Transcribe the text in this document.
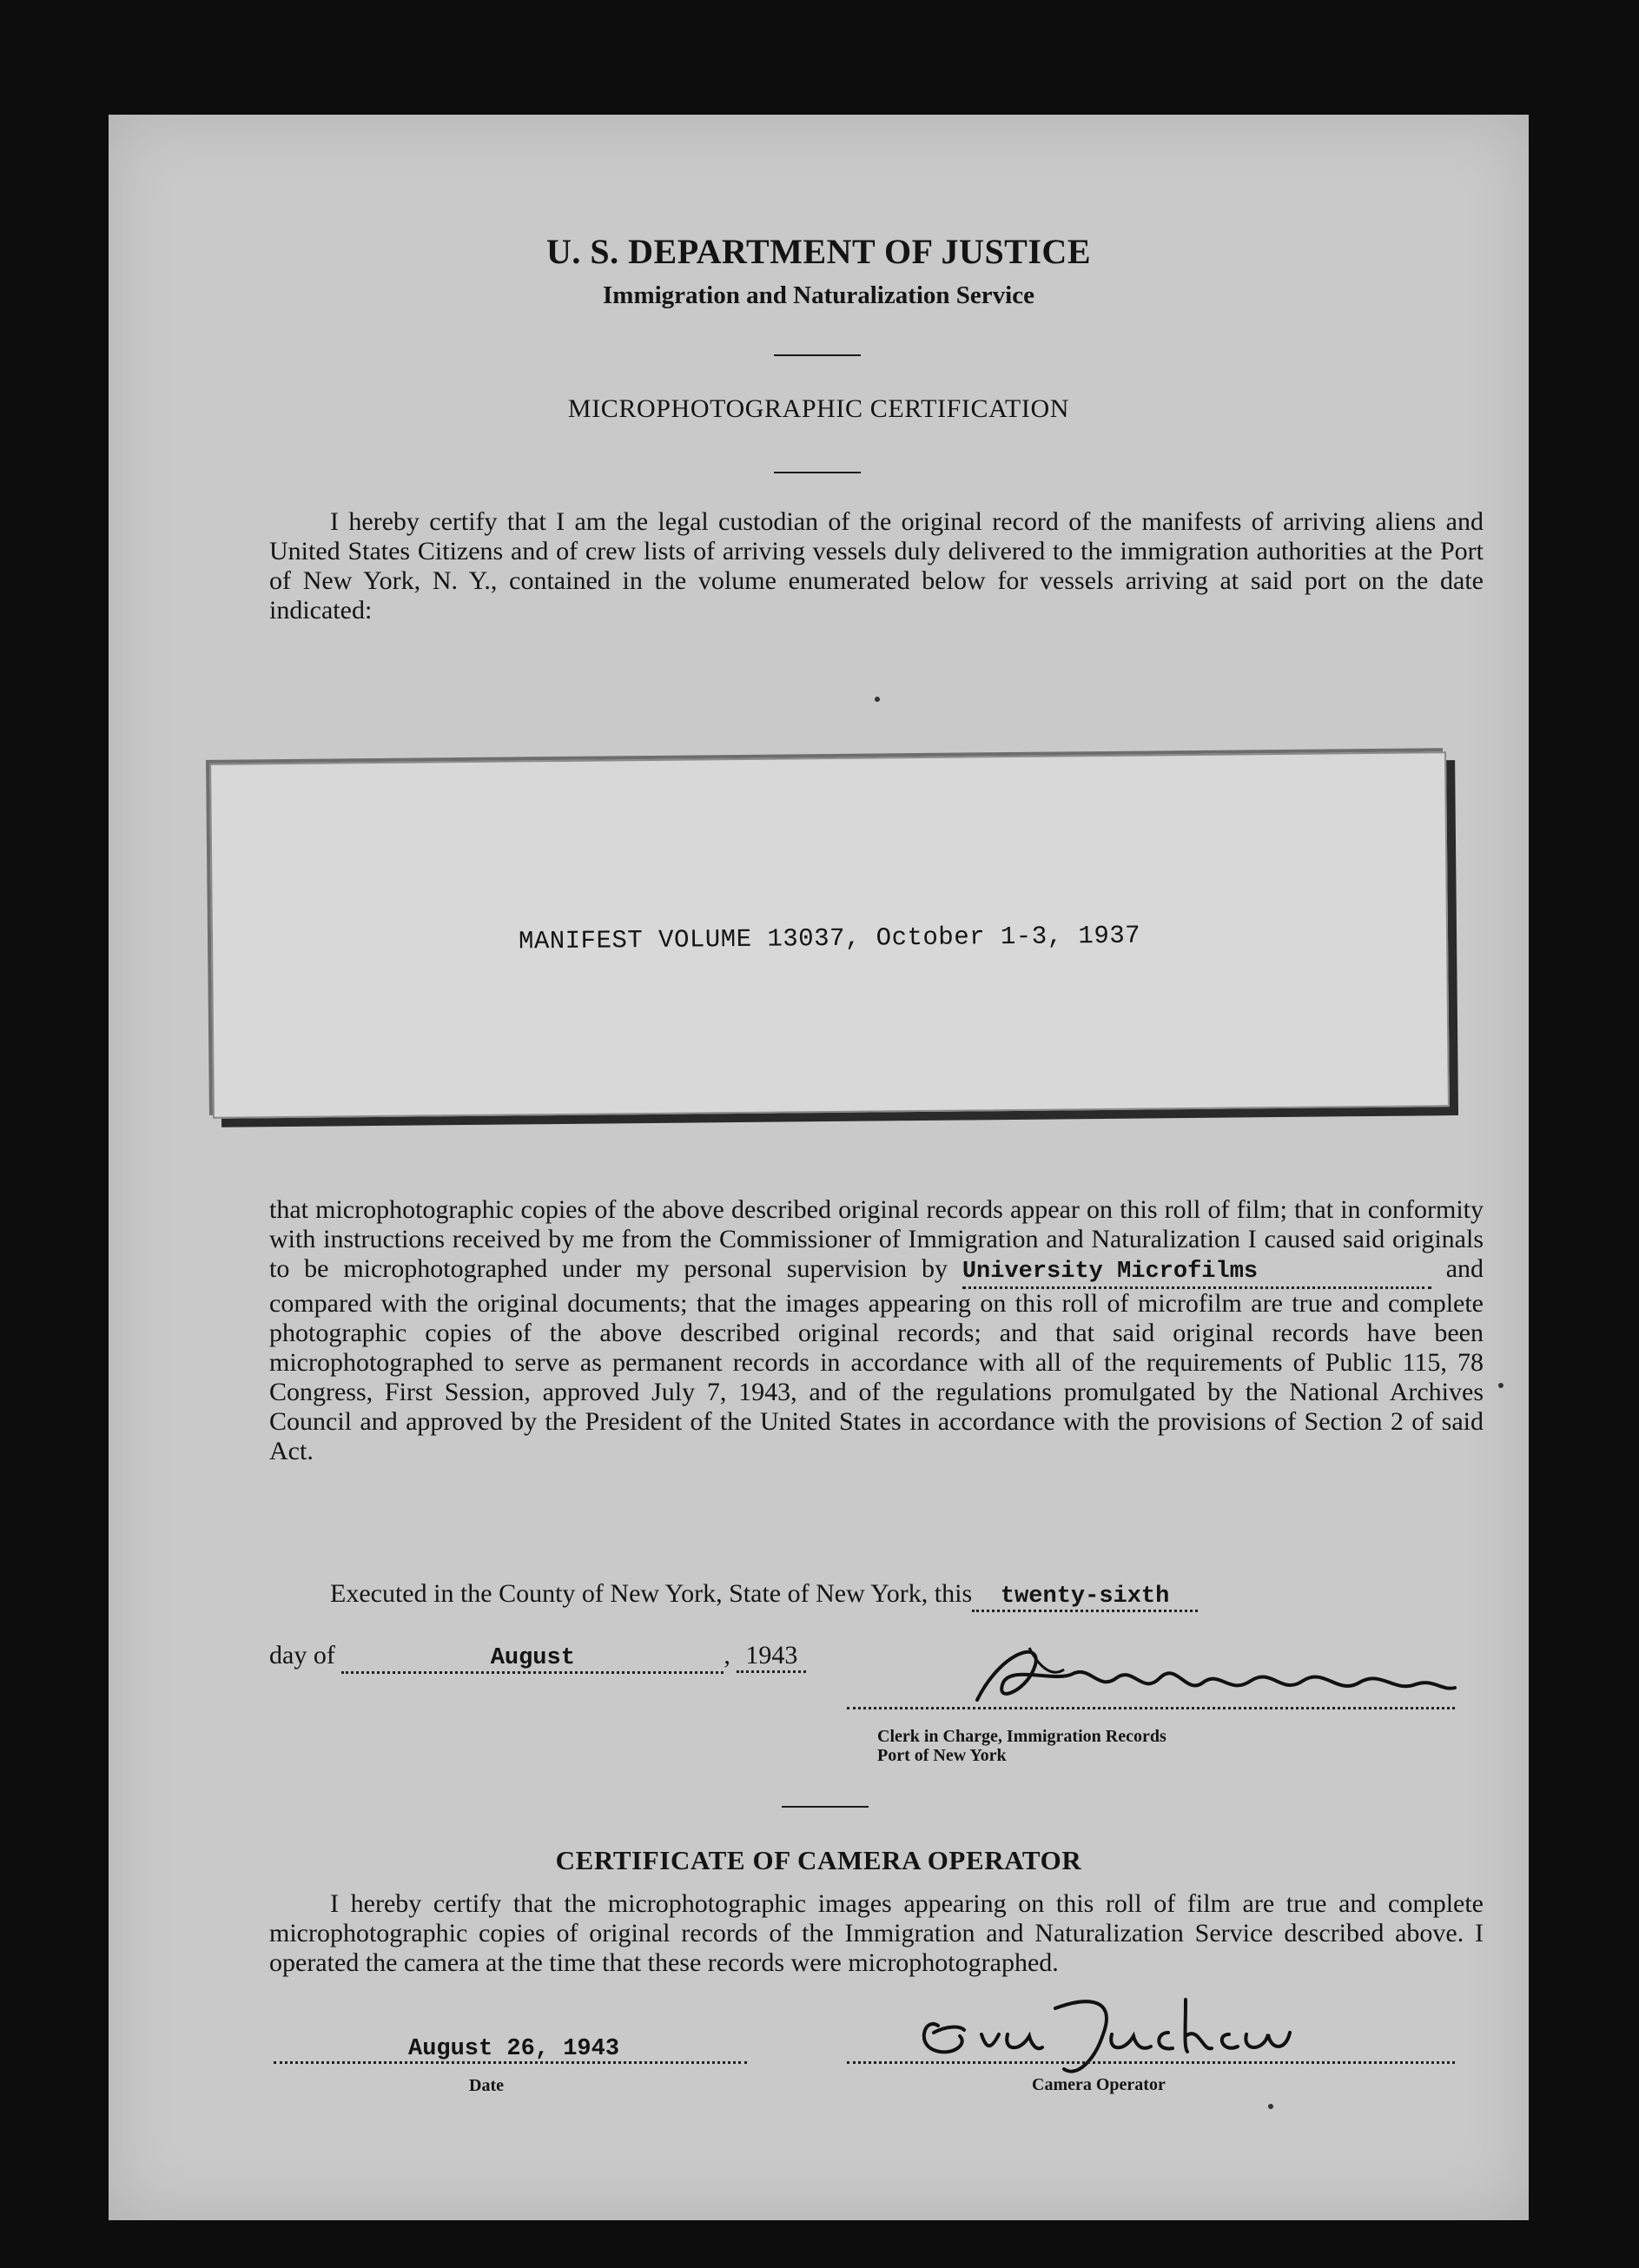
U. S. DEPARTMENT OF JUSTICE
Immigration and Naturalization Service
MICROPHOTOGRAPHIC CERTIFICATION
I hereby certify that I am the legal custodian of the original record of the manifests of arriving aliens and United States Citizens and of crew lists of arriving vessels duly delivered to the immigration authorities at the Port of New York, N. Y., contained in the volume enumerated below for vessels arriving at said port on the date indicated:
MANIFEST VOLUME 13037, October 1-3, 1937
that microphotographic copies of the above described original records appear on this roll of film; that in conformity with instructions received by me from the Commissioner of Immigration and Naturalization I caused said originals to be microphotographed under my personal supervision by University Microfilms	and compared with the original documents; that the images appearing on this roll of microfilm are true and complete photographic copies of the above described original records; and that said original records have been microphotographed to serve as permanent records in accordance with all of the requirements of Public 115, 78 Congress, First Session, approved July 7, 1943, and of the regulations promulgated by the National Archives Council and approved by the President of the United States in accordance with the provisions of Section 2 of said Act.
Executed in the County of New York, State of New York, this twenty-sixth
day of	August	, 1943
Clerk in Charge, Immigration Records
Port of New York
CERTIFICATE OF CAMERA OPERATOR
I hereby certify that the microphotographic images appearing on this roll of film are true and complete microphotographic copies of original records of the Immigration and Naturalization Service described above. I operated the camera at the time that these records were microphotographed.
August 26, 1943
Date	Camera Operator
